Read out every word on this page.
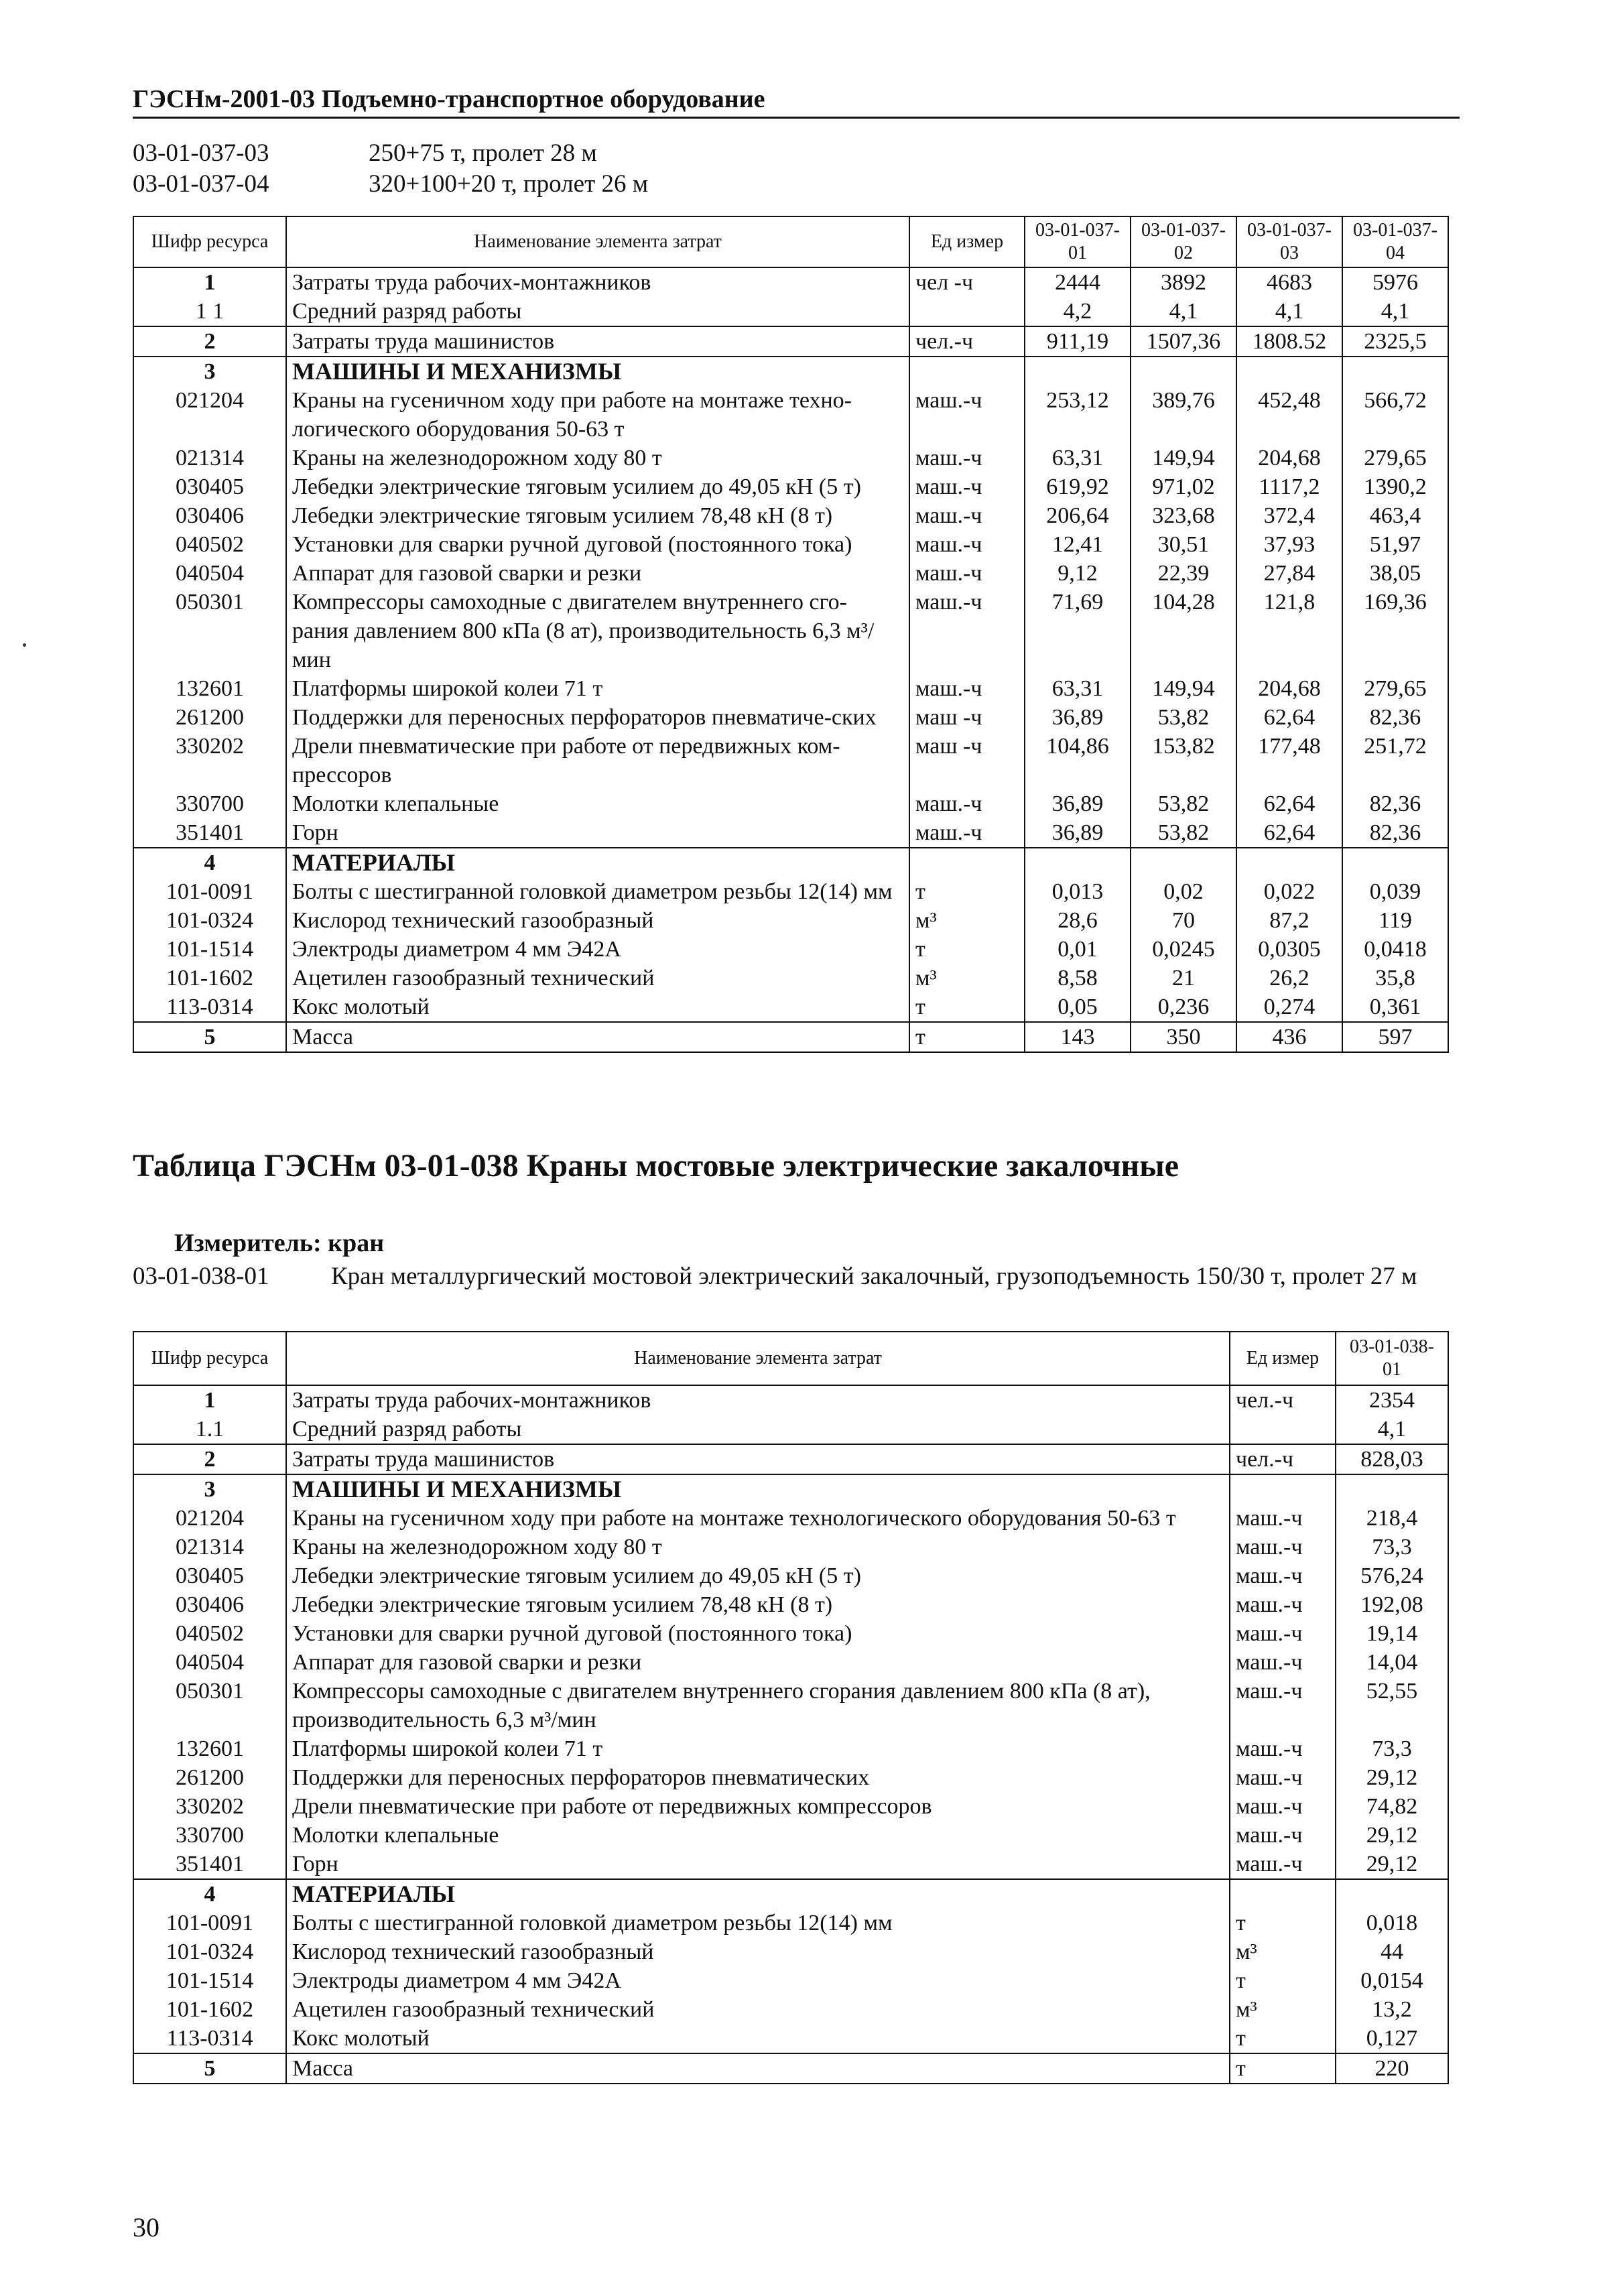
ГЭСНм-2001-03 Подъемно-транспортное оборудование
03-01-037-03	250+75 т, пролет 28 м
03-01-037-04	320+100+20 т, пролет 26 м
Шифр ресурса	Наименование элемента затрат	Ед измер	03-01-037-01	03-01-037-02	03-01-037-03	03-01-037-04
1	Затраты труда рабочих-монтажников	чел -ч	2444	3892	4683	5976
1 1	Средний разряд работы		4,2	4,1	4,1	4,1
2	Затраты труда машинистов	чел.-ч	911,19	1507,36	1808.52	2325,5
3	МАШИНЫ И МЕХАНИЗМЫ					
021204	Краны на гусеничном ходу при работе на монтаже техно-логического оборудования 50-63 т	маш.-ч	253,12	389,76	452,48	566,72
021314	Краны на железнодорожном ходу 80 т	маш.-ч	63,31	149,94	204,68	279,65
030405	Лебедки электрические тяговым усилием до 49,05 кН (5 т)	маш.-ч	619,92	971,02	1117,2	1390,2
030406	Лебедки электрические тяговым усилием 78,48 кН (8 т)	маш.-ч	206,64	323,68	372,4	463,4
040502	Установки для сварки ручной дуговой (постоянного тока)	маш.-ч	12,41	30,51	37,93	51,97
040504	Аппарат для газовой сварки и резки	маш.-ч	9,12	22,39	27,84	38,05
050301	Компрессоры самоходные с двигателем внутреннего сго-рания давлением 800 кПа (8 ат), производительность 6,3 м³/мин	маш.-ч	71,69	104,28	121,8	169,36
132601	Платформы широкой колеи 71 т	маш.-ч	63,31	149,94	204,68	279,65
261200	Поддержки для переносных перфораторов пневматиче-ских	маш -ч	36,89	53,82	62,64	82,36
330202	Дрели пневматические при работе от передвижных ком-прессоров	маш -ч	104,86	153,82	177,48	251,72
330700	Молотки клепальные	маш.-ч	36,89	53,82	62,64	82,36
351401	Горн	маш.-ч	36,89	53,82	62,64	82,36
4	МАТЕРИАЛЫ					
101-0091	Болты с шестигранной головкой диаметром резьбы 12(14) мм	т	0,013	0,02	0,022	0,039
101-0324	Кислород технический газообразный	м³	28,6	70	87,2	119
101-1514	Электроды диаметром 4 мм Э42А	т	0,01	0,0245	0,0305	0,0418
101-1602	Ацетилен газообразный технический	м³	8,58	21	26,2	35,8
113-0314	Кокс молотый	т	0,05	0,236	0,274	0,361
5	Масса	т	143	350	436	597
Таблица ГЭСНм 03-01-038 Краны мостовые электрические закалочные
Измеритель: кран
03-01-038-01	Кран металлургический мостовой электрический закалочный, грузоподъемность 150/30 т, пролет 27 м
Шифр ресурса	Наименование элемента затрат	Ед измер	03-01-038-01
1	Затраты труда рабочих-монтажников	чел.-ч	2354
1.1	Средний разряд работы		4,1
2	Затраты труда машинистов	чел.-ч	828,03
3	МАШИНЫ И МЕХАНИЗМЫ		
021204	Краны на гусеничном ходу при работе на монтаже технологического оборудования 50-63 т	маш.-ч	218,4
021314	Краны на железнодорожном ходу 80 т	маш.-ч	73,3
030405	Лебедки электрические тяговым усилием до 49,05 кН (5 т)	маш.-ч	576,24
030406	Лебедки электрические тяговым усилием 78,48 кН (8 т)	маш.-ч	192,08
040502	Установки для сварки ручной дуговой (постоянного тока)	маш.-ч	19,14
040504	Аппарат для газовой сварки и резки	маш.-ч	14,04
050301	Компрессоры самоходные с двигателем внутреннего сгорания давлением 800 кПа (8 ат), производительность 6,3 м³/мин	маш.-ч	52,55
132601	Платформы широкой колеи 71 т	маш.-ч	73,3
261200	Поддержки для переносных перфораторов пневматических	маш.-ч	29,12
330202	Дрели пневматические при работе от передвижных компрессоров	маш.-ч	74,82
330700	Молотки клепальные	маш.-ч	29,12
351401	Горн	маш.-ч	29,12
4	МАТЕРИАЛЫ		
101-0091	Болты с шестигранной головкой диаметром резьбы 12(14) мм	т	0,018
101-0324	Кислород технический газообразный	м³	44
101-1514	Электроды диаметром 4 мм Э42А	т	0,0154
101-1602	Ацетилен газообразный технический	м³	13,2
113-0314	Кокс молотый	т	0,127
5	Масса	т	220
30
